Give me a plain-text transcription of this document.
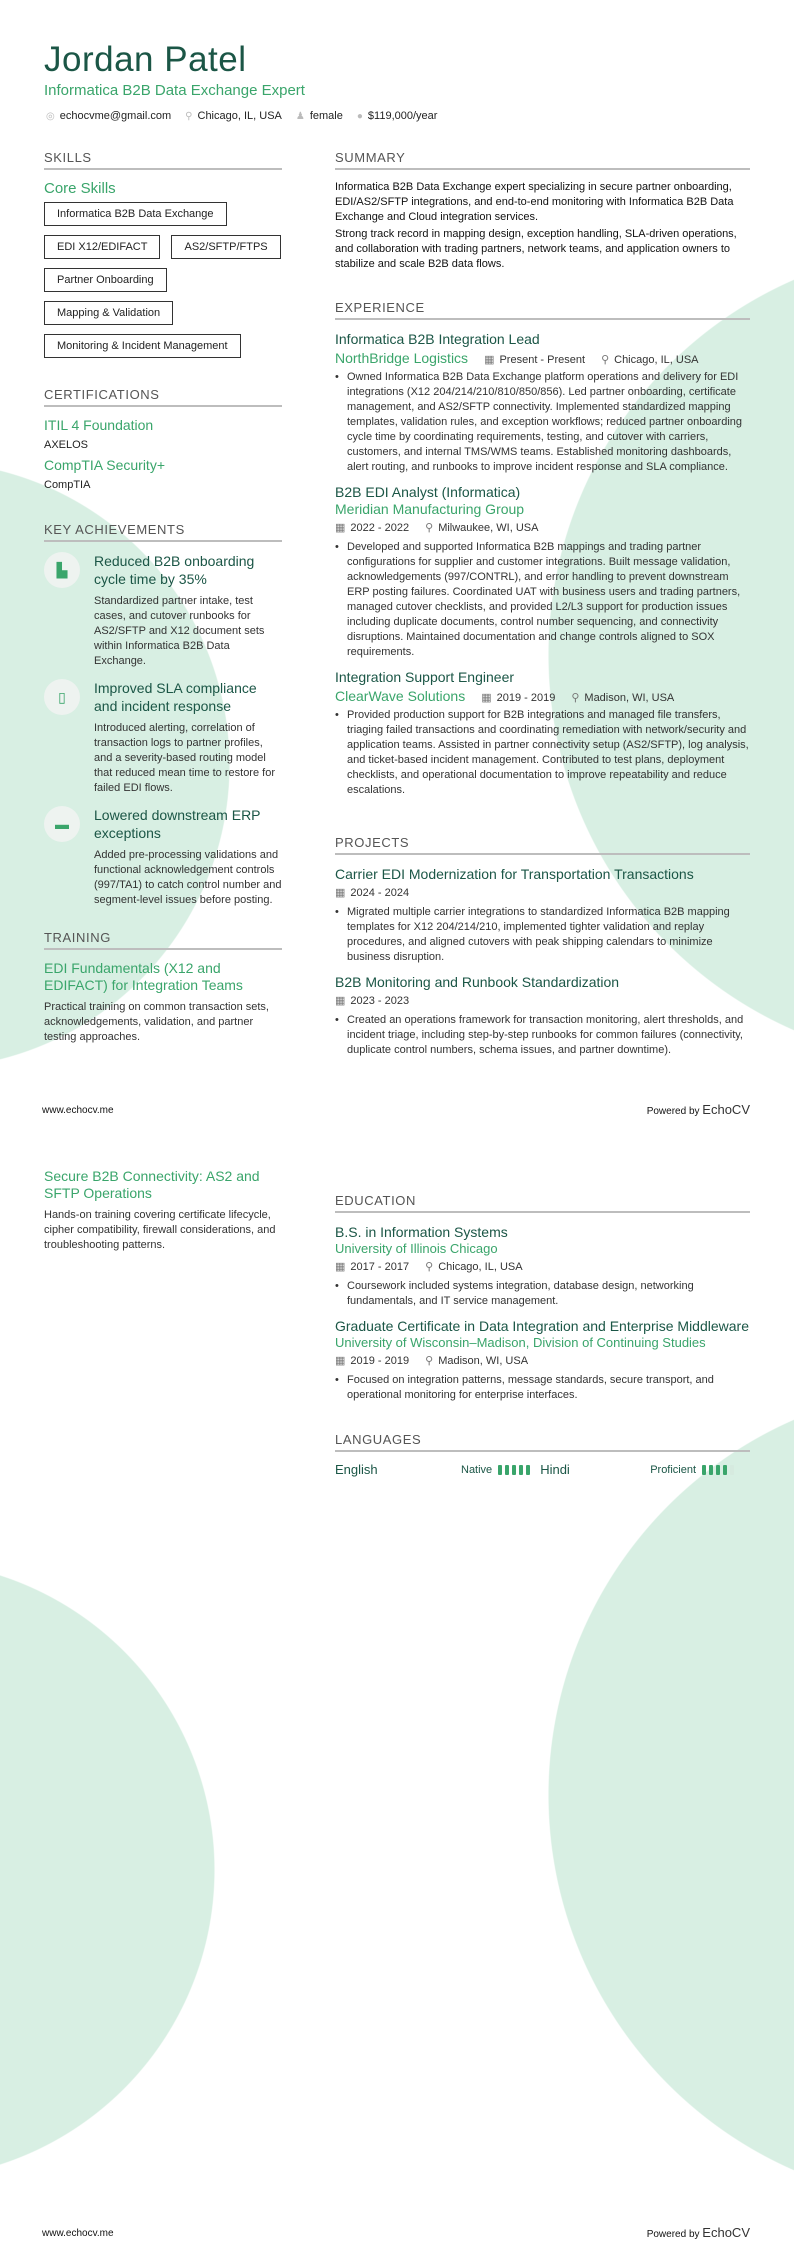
Jordan Patel
Informatica B2B Data Exchange Expert
◎ echocvme@gmail.com ⚲ Chicago, IL, USA ♟ female ● $119,000/year
SKILLS
Core Skills
Informatica B2B Data Exchange
EDI X12/EDIFACT	AS2/SFTP/FTPS
Partner Onboarding
Mapping & Validation
Monitoring & Incident Management
CERTIFICATIONS
ITIL 4 Foundation
AXELOS
CompTIA Security+
CompTIA
KEY ACHIEVEMENTS
▙
Reduced B2B onboarding cycle time by 35%
Standardized partner intake, test cases, and cutover runbooks for AS2/SFTP and X12 document sets within Informatica B2B Data Exchange.
▯
Improved SLA compliance and incident response
Introduced alerting, correlation of transaction logs to partner profiles, and a severity-based routing model that reduced mean time to restore for failed EDI flows.
▬
Lowered downstream ERP exceptions
Added pre-processing validations and functional acknowledgement controls (997/TA1) to catch control number and segment-level issues before posting.
TRAINING
EDI Fundamentals (X12 and EDIFACT) for Integration Teams
Practical training on common transaction sets, acknowledgements, validation, and partner testing approaches.
Secure B2B Connectivity: AS2 and SFTP Operations
Hands-on training covering certificate lifecycle, cipher compatibility, firewall considerations, and troubleshooting patterns.
SUMMARY

Informatica B2B Data Exchange expert specializing in secure partner onboarding, EDI/AS2/SFTP integrations, and end-to-end monitoring with Informatica B2B Data Exchange and Cloud integration services.

Strong track record in mapping design, exception handling, SLA-driven operations, and collaboration with trading partners, network teams, and application owners to stabilize and scale B2B data flows.

EXPERIENCE
Informatica B2B Integration Lead
NorthBridge Logistics ▦ Present - Present ⚲ Chicago, IL, USA
• Owned Informatica B2B Data Exchange platform operations and delivery for EDI integrations (X12 204/214/210/810/850/856). Led partner onboarding, certificate management, and AS2/SFTP connectivity. Implemented standardized mapping templates, validation rules, and exception workflows; reduced partner onboarding cycle time by coordinating requirements, testing, and cutover with carriers, customers, and internal TMS/WMS teams. Established monitoring dashboards, alert routing, and runbooks to improve incident response and SLA compliance.
B2B EDI Analyst (Informatica)
Meridian Manufacturing Group
▦ 2022 - 2022 ⚲ Milwaukee, WI, USA
• Developed and supported Informatica B2B mappings and trading partner configurations for supplier and customer integrations. Built message validation, acknowledgements (997/CONTRL), and error handling to prevent downstream ERP posting failures. Coordinated UAT with business users and trading partners, managed cutover checklists, and provided L2/L3 support for production issues including duplicate documents, control number sequencing, and connectivity disruptions. Maintained documentation and change controls aligned to SOX requirements.
Integration Support Engineer
ClearWave Solutions ▦ 2019 - 2019 ⚲ Madison, WI, USA
• Provided production support for B2B integrations and managed file transfers, triaging failed transactions and coordinating remediation with network/security and application teams. Assisted in partner connectivity setup (AS2/SFTP), log analysis, and ticket-based incident management. Contributed to test plans, deployment checklists, and operational documentation to improve repeatability and reduce escalations.
PROJECTS
Carrier EDI Modernization for Transportation Transactions
▦ 2024 - 2024
• Migrated multiple carrier integrations to standardized Informatica B2B mapping templates for X12 204/214/210, implemented tighter validation and replay procedures, and aligned cutovers with peak shipping calendars to minimize business disruption.
B2B Monitoring and Runbook Standardization
▦ 2023 - 2023
• Created an operations framework for transaction monitoring, alert thresholds, and incident triage, including step-by-step runbooks for common failures (connectivity, duplicate control numbers, schema issues, and partner downtime).
www.echocv.me	Powered by EchoCV
EDUCATION
B.S. in Information Systems
University of Illinois Chicago
▦ 2017 - 2017 ⚲ Chicago, IL, USA
• Coursework included systems integration, database design, networking fundamentals, and IT service management.
Graduate Certificate in Data Integration and Enterprise Middleware
University of Wisconsin–Madison, Division of Continuing Studies
▦ 2019 - 2019 ⚲ Madison, WI, USA
• Focused on integration patterns, message standards, secure transport, and operational monitoring for enterprise interfaces.
LANGUAGES
English	Native	Hindi	Proficient
www.echocv.me	Powered by EchoCV
